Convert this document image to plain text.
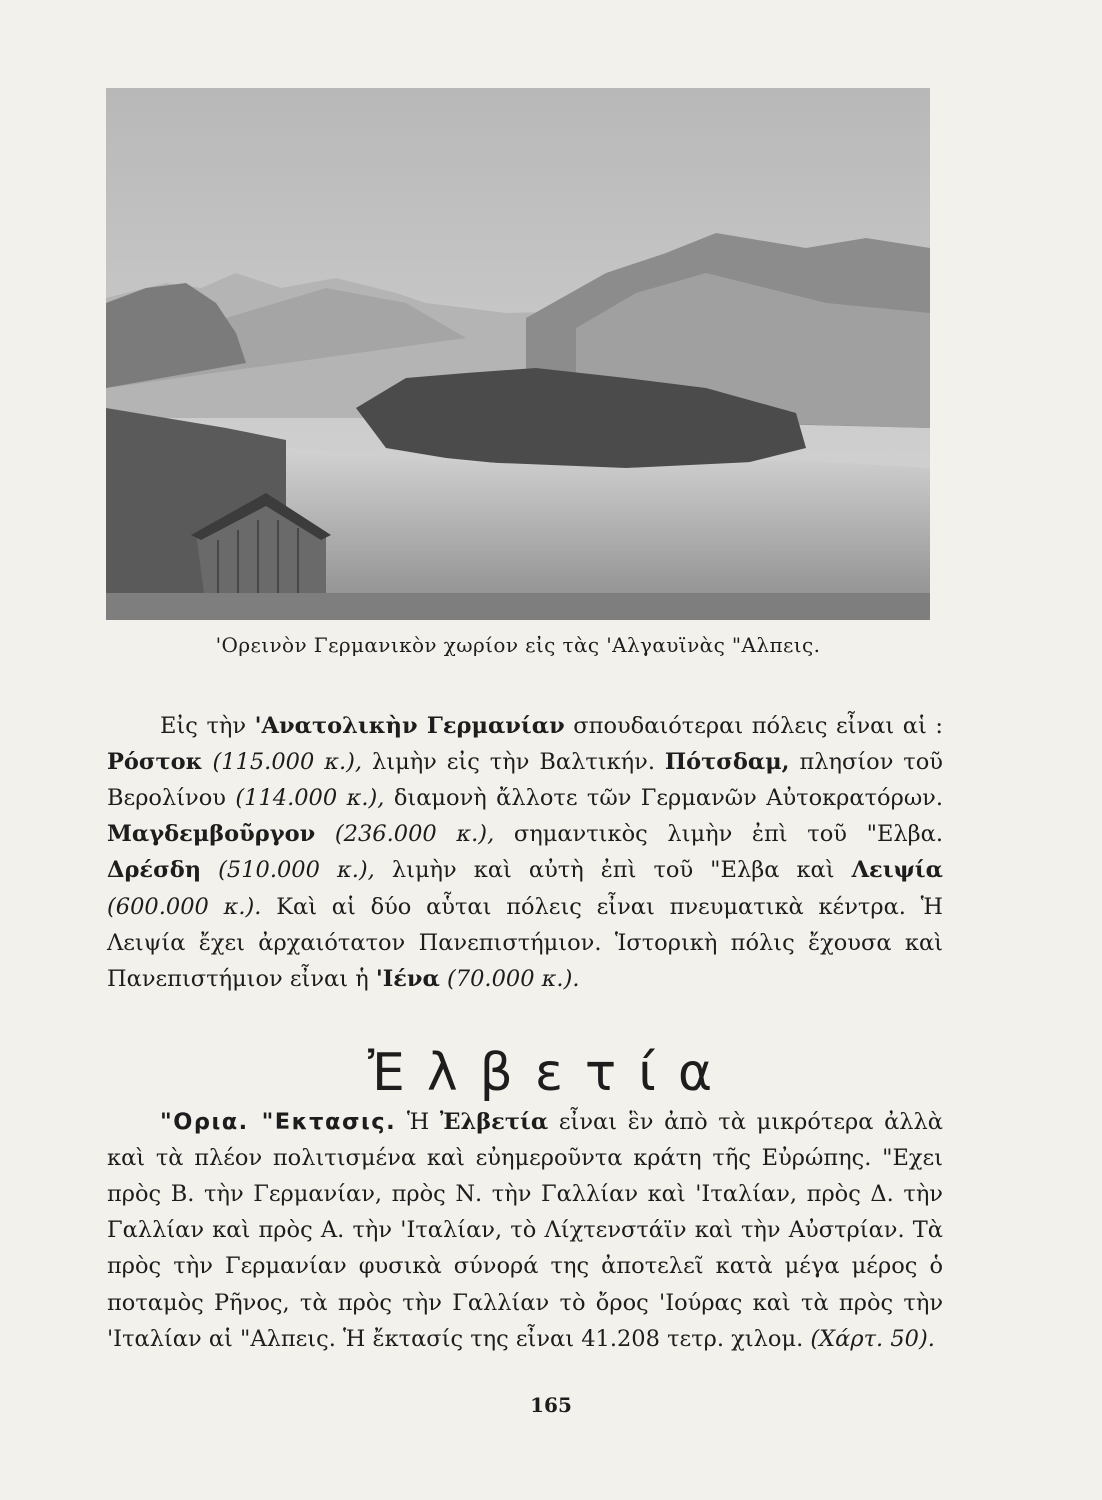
'Ορεινὸν Γερμανικὸν χωρίον εἰς τὰς 'Αλγαυϊνὰς "Αλπεις.

Εἰς τὴν 'Ανατολικὴν Γερμανίαν σπουδαιότεραι πόλεις εἶναι αἱ : Ρόστοκ (115.000 κ.), λιμὴν εἰς τὴν Βαλτικήν. Πότσδαμ, πλησίον τοῦ Βερολίνου (114.000 κ.), διαμονὴ ἄλλοτε τῶν Γερμανῶν Αὐτοκρατόρων. Μαγδεμβοῦργον (236.000 κ.), σημαντικὸς λιμὴν ἐπὶ τοῦ "Ελβα. Δρέσδη (510.000 κ.), λιμὴν καὶ αὐτὴ ἐπὶ τοῦ "Ελβα καὶ Λειψία (600.000 κ.). Καὶ αἱ δύο αὗται πόλεις εἶναι πνευματικὰ κέντρα. Ἡ Λειψία ἔχει ἀρχαιότατον Πανεπιστήμιον. Ἱστορικὴ πόλις ἔχουσα καὶ Πανεπιστήμιον εἶναι ἡ 'Ιένα (70.000 κ.).

Ἐλβετία

"Ορια. "Εκτασις. Ἡ Ἐλβετία εἶναι ἓν ἀπὸ τὰ μικρότερα ἀλλὰ καὶ τὰ πλέον πολιτισμένα καὶ εὐημεροῦντα κράτη τῆς Εὐρώπης. "Εχει πρὸς Β. τὴν Γερμανίαν, πρὸς Ν. τὴν Γαλλίαν καὶ 'Ιταλίαν, πρὸς Δ. τὴν Γαλλίαν καὶ πρὸς Α. τὴν 'Ιταλίαν, τὸ Λίχτενστάϊν καὶ τὴν Αὐστρίαν. Τὰ πρὸς τὴν Γερμανίαν φυσικὰ σύνορά της ἀποτελεῖ κατὰ μέγα μέρος ὁ ποταμὸς Ρῆνος, τὰ πρὸς τὴν Γαλλίαν τὸ ὄρος 'Ιούρας καὶ τὰ πρὸς τὴν 'Ιταλίαν αἱ "Αλπεις. Ἡ ἔκτασίς της εἶναι 41.208 τετρ. χιλομ. (Χάρτ. 50).

165
